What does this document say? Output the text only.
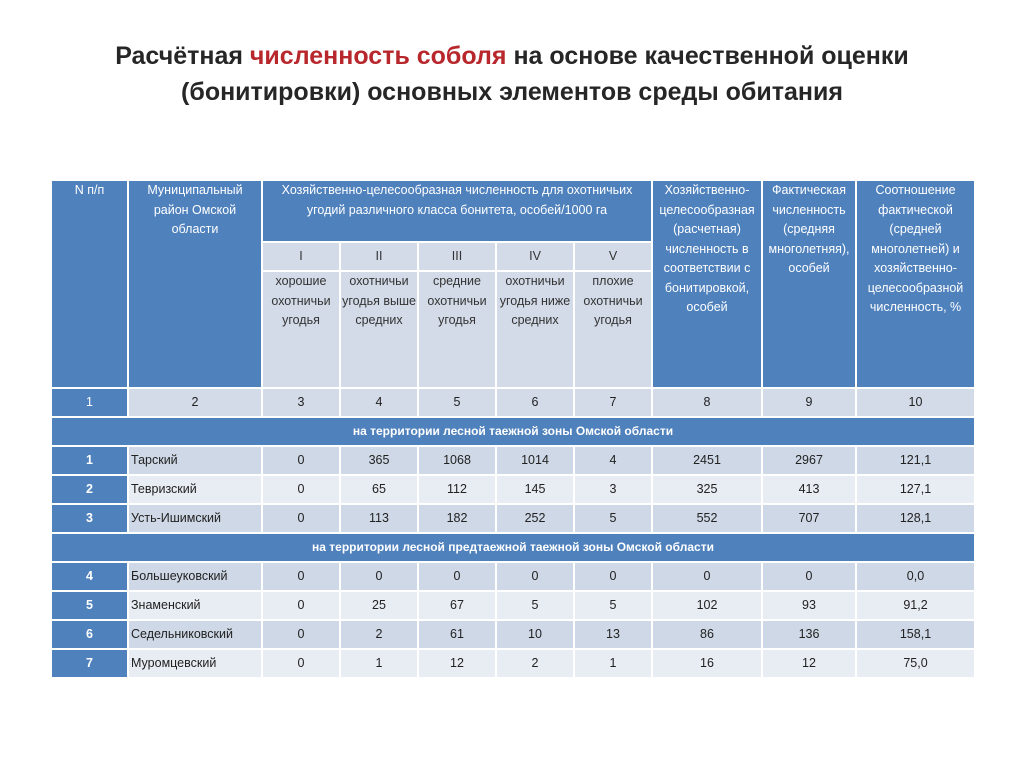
Расчётная численность соболя на основе качественной оценки
(бонитировки) основных элементов среды обитания
N п/п	Муниципальный район Омской области	Хозяйственно-целесообразная численность для охотничьих угодий различного класса бонитета, особей/1000 га					Хозяйственно-целесообразная (расчетная) численность в соответствии с бонитировкой, особей	Фактическая численность (средняя многолетняя), особей	Соотношение фактической (средней многолетней) и хозяйственно-целесообразной численность, %
		I	II	III	IV	V			
		хорошие охотничьи угодья	охотничьи угодья выше средних	средние охотничьи угодья	охотничьи угодья ниже средних	плохие охотничьи угодья			
1	2	3	4	5	6	7	8	9	10
на территории лесной таежной зоны Омской области									
1	Тарский	0	365	1068	1014	4	2451	2967	121,1
2	Тевризский	0	65	112	145	3	325	413	127,1
3	Усть-Ишимский	0	113	182	252	5	552	707	128,1
на территории лесной предтаежной таежной зоны Омской области									
4	Большеуковский	0	0	0	0	0	0	0	0,0
5	Знаменский	0	25	67	5	5	102	93	91,2
6	Седельниковский	0	2	61	10	13	86	136	158,1
7	Муромцевский	0	1	12	2	1	16	12	75,0
